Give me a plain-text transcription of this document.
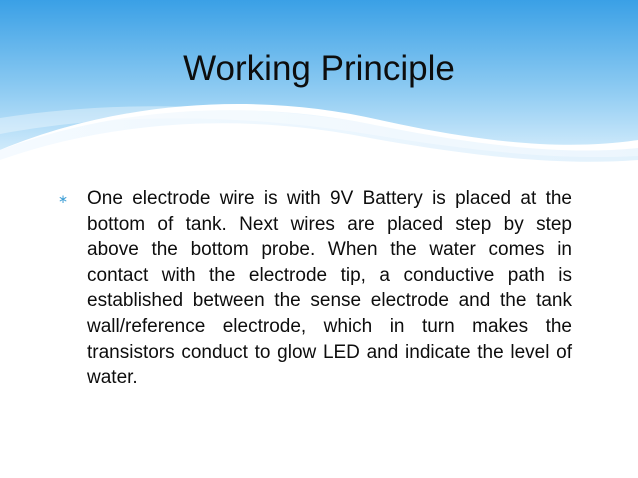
Working Principle
∗ One electrode wire is with 9V Battery is placed at the bottom of tank. Next wires are placed step by step above the bottom probe. When the water comes in contact with the electrode tip, a conductive path is established between the sense electrode and the tank wall/reference electrode, which in turn makes the transistors conduct to glow LED and indicate the level of water.
